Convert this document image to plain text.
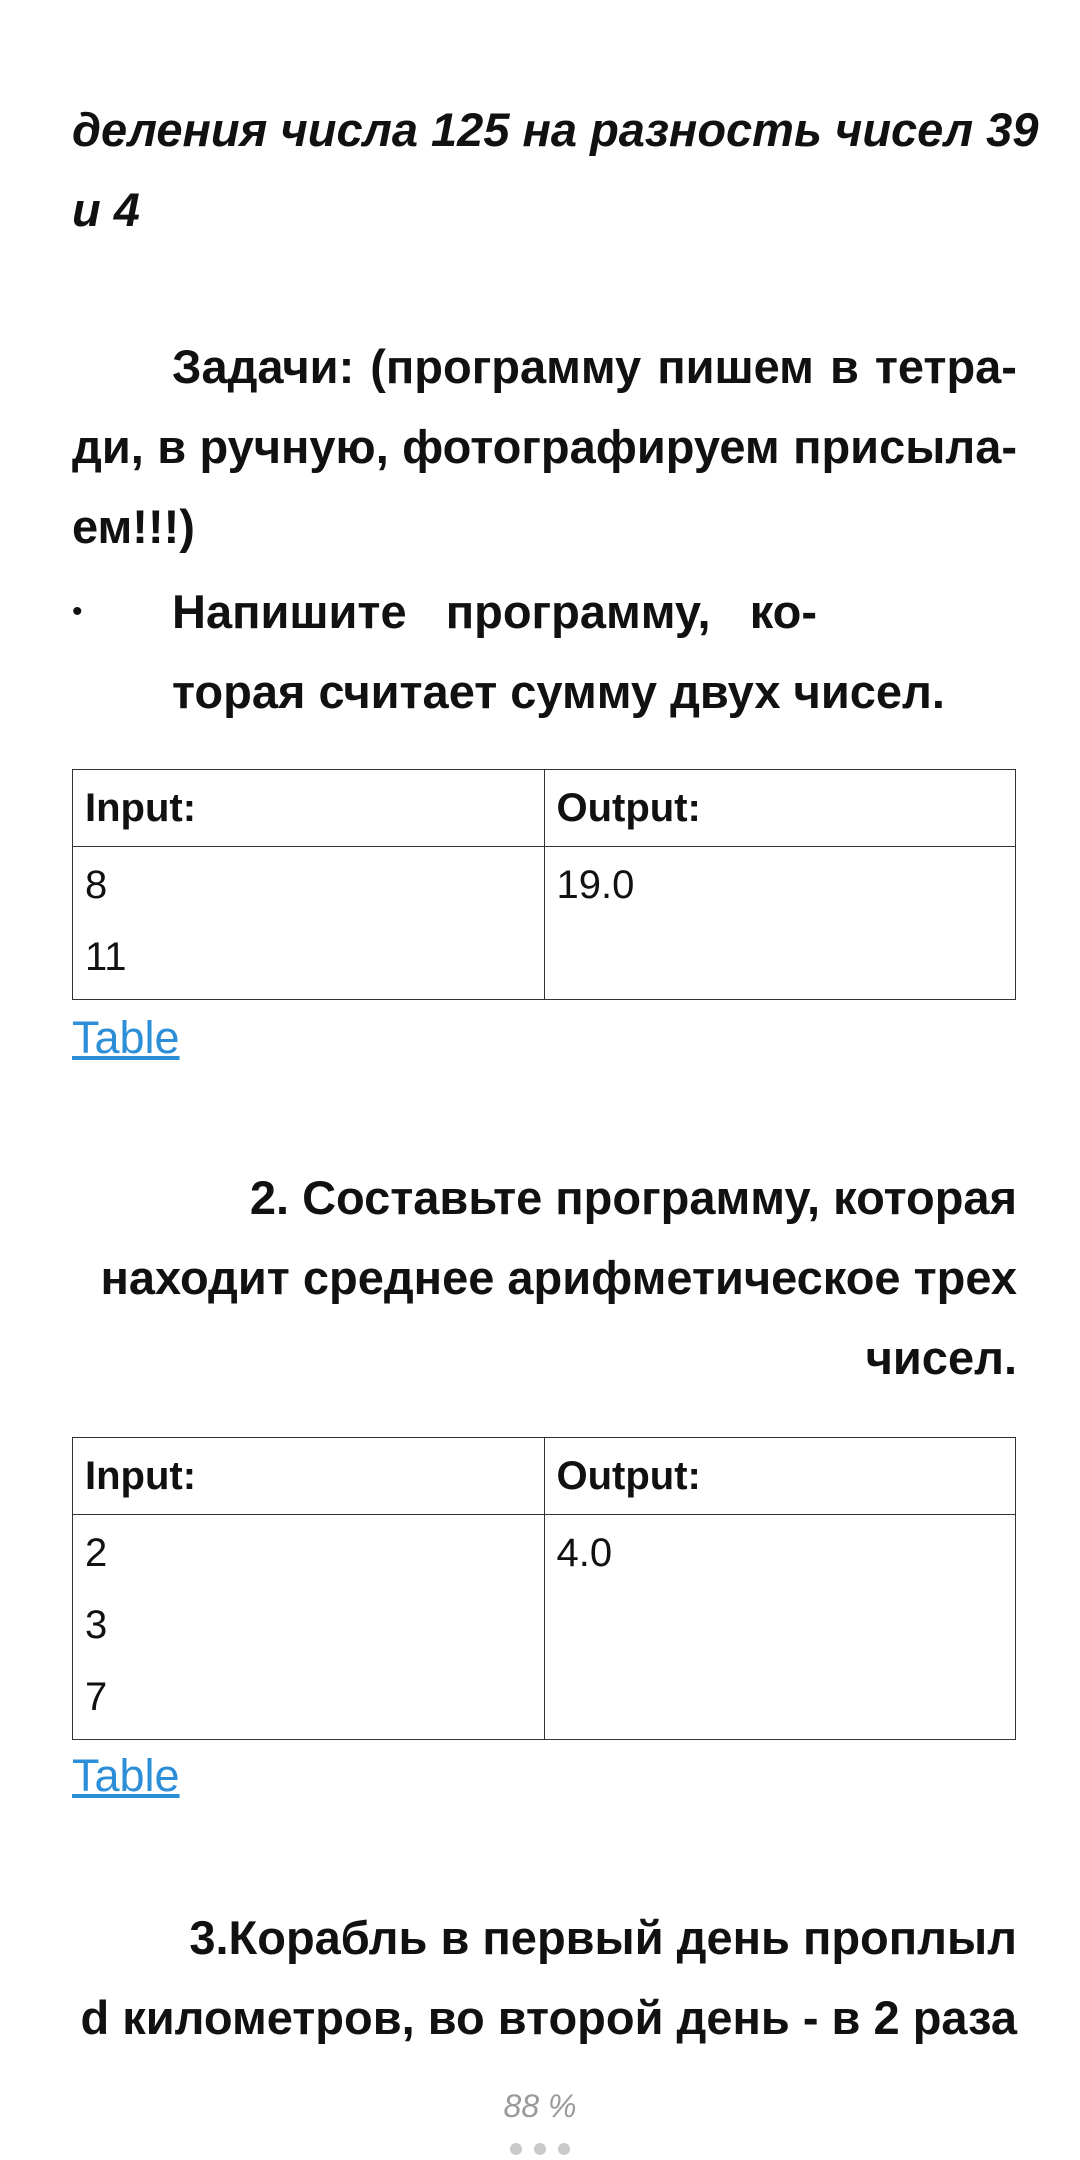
деления числа 125 на разность чисел 39
и 4
Задачи: (программу пишем в тетра-
ди, в ручную, фотографируем присыла-
ем!!!)
• Напишите программу, ко-
торая считает сумму двух чисел.
Input:	Output:

8
11	19.0
Table
2. Составьте программу, которая
находит среднее арифметическое трех
чисел.
Input:	Output:

2
3
7	4.0
Table
3.Корабль в первый день проплыл
d километров, во второй день - в 2 раза
88 %
